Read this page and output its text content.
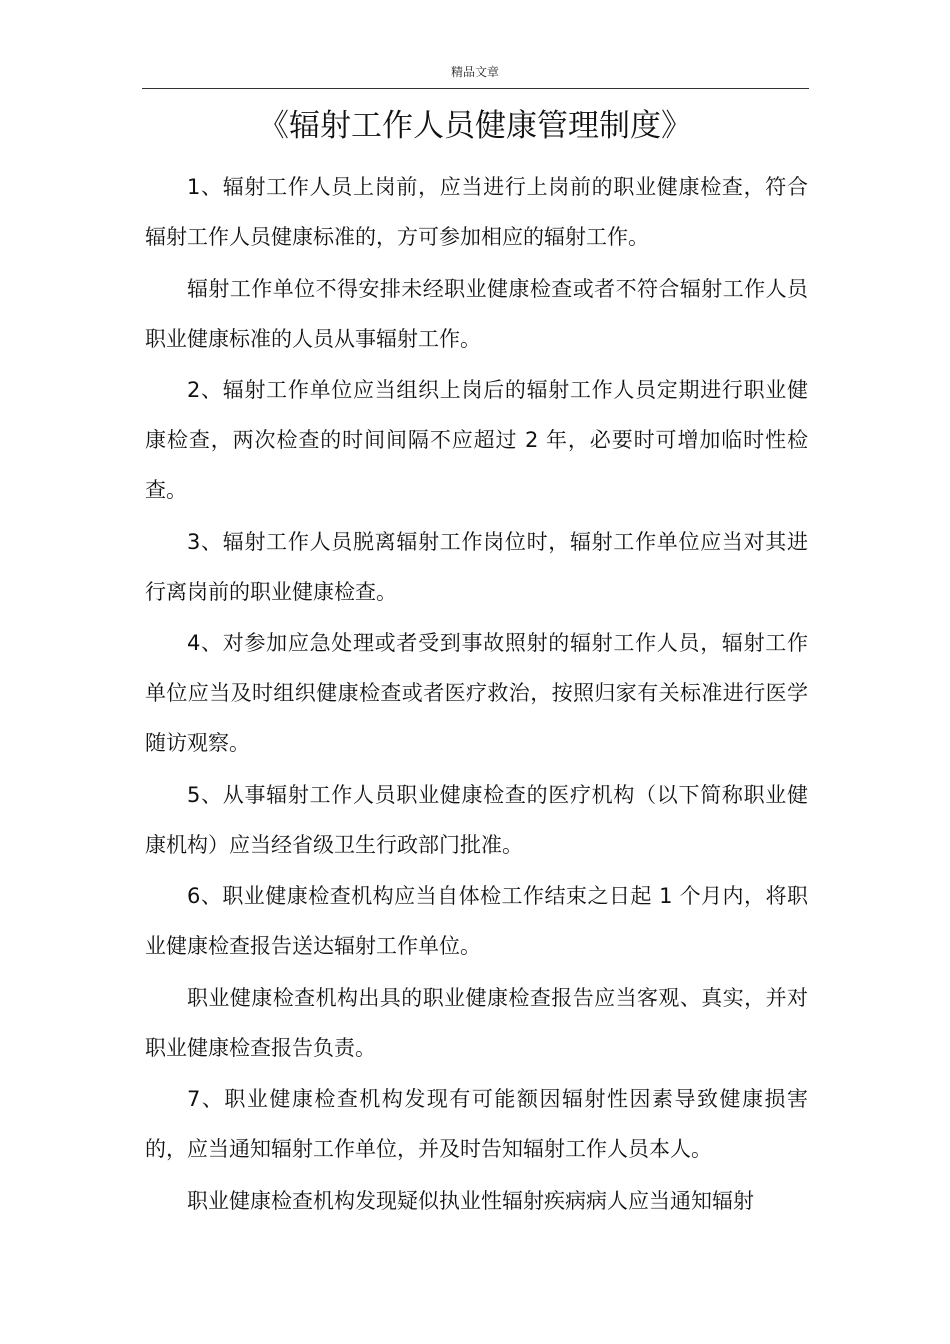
精品文章
《辐射工作人员健康管理制度》

1、辐射工作人员上岗前，应当进行上岗前的职业健康检查，符合辐射工作人员健康标准的，方可参加相应的辐射工作。

辐射工作单位不得安排未经职业健康检查或者不符合辐射工作人员职业健康标准的人员从事辐射工作。

2、辐射工作单位应当组织上岗后的辐射工作人员定期进行职业健康检查，两次检查的时间间隔不应超过 2 年，必要时可增加临时性检查。

3、辐射工作人员脱离辐射工作岗位时，辐射工作单位应当对其进行离岗前的职业健康检查。

4、对参加应急处理或者受到事故照射的辐射工作人员，辐射工作单位应当及时组织健康检查或者医疗救治，按照归家有关标准进行医学随访观察。

5、从事辐射工作人员职业健康检查的医疗机构（以下简称职业健康机构）应当经省级卫生行政部门批准。

6、职业健康检查机构应当自体检工作结束之日起 1 个月内，将职业健康检查报告送达辐射工作单位。

职业健康检查机构出具的职业健康检查报告应当客观、真实，并对职业健康检查报告负责。

7、职业健康检查机构发现有可能额因辐射性因素导致健康损害的，应当通知辐射工作单位，并及时告知辐射工作人员本人。

职业健康检查机构发现疑似执业性辐射疾病病人应当通知辐射
